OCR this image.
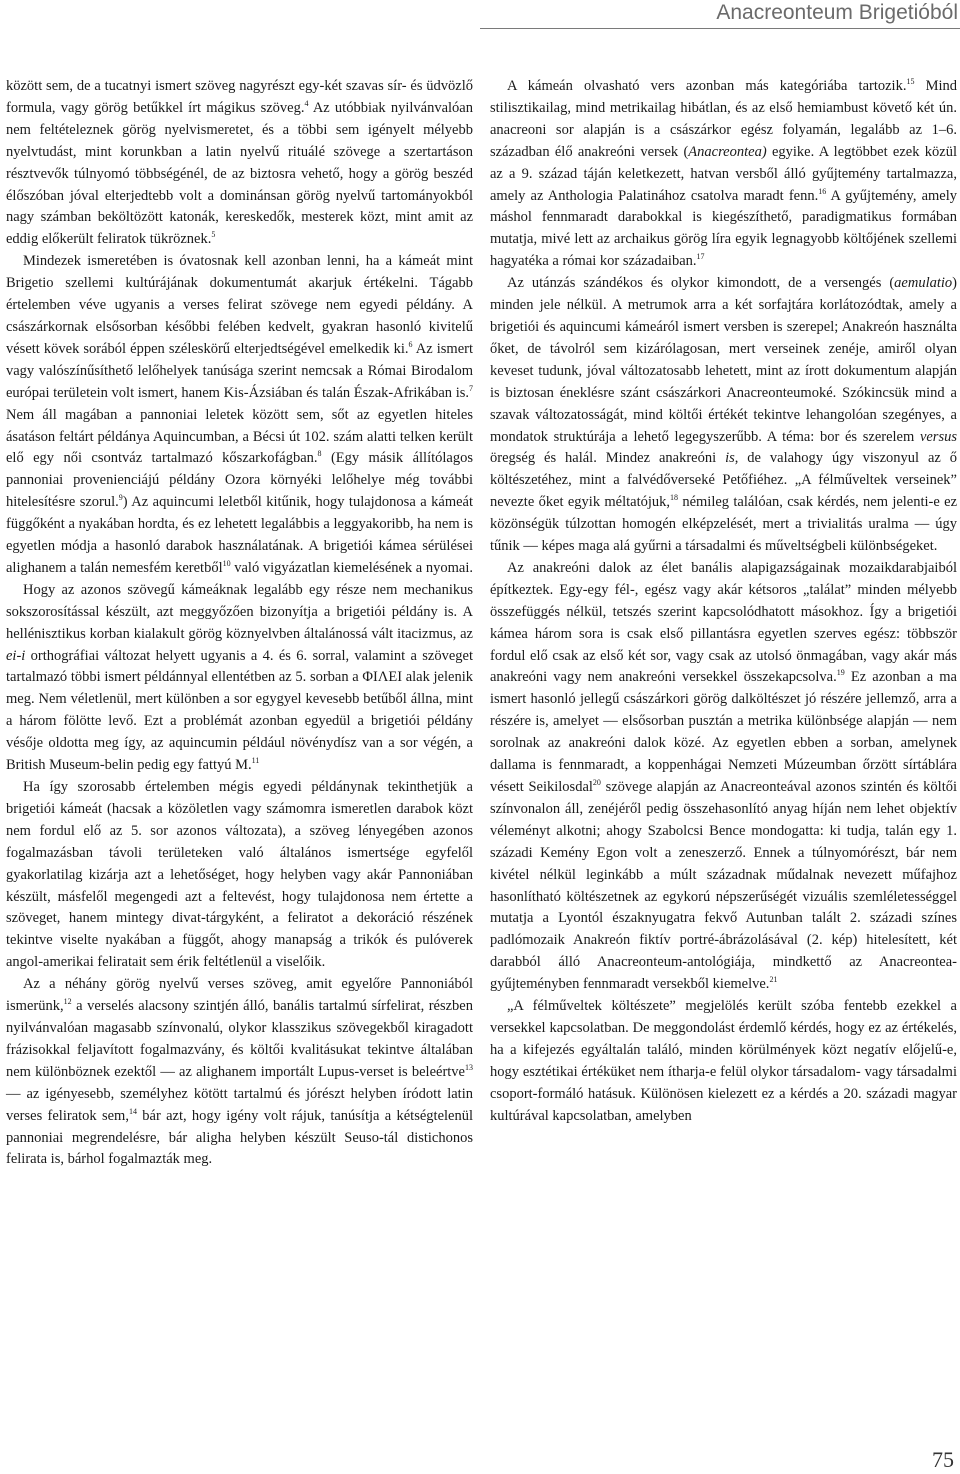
Anacreonteum Brigetióból

között sem, de a tucatnyi ismert szöveg nagyrészt egy-két szavas sír- és üdvözlő formula, vagy görög betűkkel írt mágikus szöveg.$^4$ Az utóbbiak nyilvánvalóan nem feltételeznek görög nyelvismeretet, és a többi sem igényelt mélyebb nyelvtudást, mint korunkban a latin nyelvű rituálé szövege a szertartáson résztvevők túlnyomó többségénél, de az biztosra vehető, hogy a görög beszéd élőszóban jóval elterjedtebb volt a dominánsan görög nyelvű tartományokból nagy számban beköltözött katonák, kereskedők, mesterek közt, mint amit az eddig előkerült feliratok tükröznek.$^5$

Mindezek ismeretében is óvatosnak kell azonban lenni, ha a kámeát mint Brigetio szellemi kultúrájának dokumentumát akarjuk értékelni. Tágabb értelemben véve ugyanis a verses felirat szövege nem egyedi példány. A császárkornak elsősorban későbbi felében kedvelt, gyakran hasonló kivitelű vésett kövek sorából éppen széleskörű elterjedtségével emelkedik ki.$^6$ Az ismert vagy valószínűsíthető lelőhelyek tanúsága szerint nemcsak a Római Birodalom európai területein volt ismert, hanem Kis-Ázsiában és talán Észak-Afrikában is.$^7$ Nem áll magában a pannoniai leletek között sem, sőt az egyetlen hiteles ásatáson feltárt példánya Aquincumban, a Bécsi út 102. szám alatti telken került elő egy női csontváz tartalmazó kőszarkofágban.$^8$ (Egy másik állítólagos pannoniai provenienciájú példány Ozora környéki lelőhelye még további hitelesítésre szorul.$^9$) Az aquincumi leletből kitűnik, hogy tulajdonosa a kámeát függőként a nyakában hordta, és ez lehetett legalábbis a leggyakoribb, ha nem is egyetlen módja a hasonló darabok használatának. A brigetiói kámea sérülései alighanem a talán nemesfém keretből$^{10}$ való vigyázatlan kiemelésének a nyomai.

Hogy az azonos szövegű kámeáknak legalább egy része nem mechanikus sokszorosítással készült, azt meggyőzően bizonyítja a brigetiói példány is. A hellénisztikus korban kialakult görög köznyelvben általánossá vált itacizmus, az ei-i orthográfiai változat helyett ugyanis a 4. és 6. sorral, valamint a szöveget tartalmazó többi ismert példánnyal ellentétben az 5. sorban a ΦΙΛΕΙ alak jelenik meg. Nem véletlenül, mert különben a sor egygyel kevesebb betűből állna, mint a három fölötte levő. Ezt a problémát azonban egyedül a brigetiói példány vésője oldotta meg így, az aquincumin például növénydísz van a sor végén, a British Museum-belin pedig egy fattyú M.$^{11}$

Ha így szorosabb értelemben mégis egyedi példánynak tekinthetjük a brigetiói kámeát (hacsak a közöletlen vagy számomra ismeretlen darabok közt nem fordul elő az 5. sor azonos változata), a szöveg lényegében azonos fogalmazásban távoli területeken való általános ismertsége egyfelől gyakorlatilag kizárja azt a lehetőséget, hogy helyben vagy akár Pannoniában készült, másfelől megengedi azt a feltevést, hogy tulajdonosa nem értette a szöveget, hanem mintegy divat-tárgyként, a feliratot a dekoráció részének tekintve viselte nyakában a függőt, ahogy manapság a trikók és pulóverek angol-amerikai feliratait sem érik feltétlenül a viselőik.

Az a néhány görög nyelvű verses szöveg, amit egyelőre Pannoniából ismerünk,$^{12}$ a verselés alacsony szintjén álló, banális tartalmú sírfelirat, részben nyilvánvalóan magasabb színvonalú, olykor klasszikus szövegekből kiragadott frázisokkal feljavított fogalmazvány, és költői kvalitásukat tekintve általában nem különböznek ezektől — az alighanem importált Lupus-verset is beleértve$^{13}$ — az igényesebb, személyhez kötött tartalmú és jórészt helyben íródott latin verses feliratok sem,$^{14}$ bár azt, hogy igény volt rájuk, tanúsítja a kétségtelenül pannoniai megrendelésre, bár aligha helyben készült Seuso-tál distichonos felirata is, bárhol fogalmazták meg.

A kámeán olvasható vers azonban más kategóriába tartozik.$^{15}$ Mind stilisztikailag, mind metrikailag hibátlan, és az első hemiambust követő két ún. anacreoni sor alapján is a császárkor egész folyamán, legalább az 1–6. században élő anakreóni versek (Anacreontea) egyike. A legtöbbet ezek közül az a 9. század táján keletkezett, hatvan versből álló gyűjtemény tartalmazza, amely az Anthologia Palatinához csatolva maradt fenn.$^{16}$ A gyűjtemény, amely máshol fennmaradt darabokkal is kiegészíthető, paradigmatikus formában mutatja, mivé lett az archaikus görög líra egyik legnagyobb költőjének szellemi hagyatéka a római kor századaiban.$^{17}$

Az utánzás szándékos és olykor kimondott, de a versengés (aemulatio) minden jele nélkül. A metrumok arra a két sorfajtára korlátozódtak, amely a brigetiói és aquincumi kámeáról ismert versben is szerepel; Anakreón használta őket, de távolról sem kizárólagosan, mert verseinek zenéje, amiről olyan keveset tudunk, jóval változatosabb lehetett, mint az írott dokumentum alapján is biztosan éneklésre szánt császárkori Anacreonteumoké. Szókincsük mind a szavak változatosságát, mind költői értékét tekintve lehangolóan szegényes, a mondatok struktúrája a lehető legegyszerűbb. A téma: bor és szerelem versus öregség és halál. Mindez anakreóni is, de valahogy úgy viszonyul az ő költészetéhez, mint a falvédőverseké Petőfiéhez. „A félműveltek verseinek” nevezte őket egyik méltatójuk,$^{18}$ némileg találóan, csak kérdés, nem jelenti-e ez közönségük túlzottan homogén elképzelését, mert a trivialitás uralma — úgy tűnik — képes maga alá gyűrni a társadalmi és műveltségbeli különbségeket.

Az anakreóni dalok az élet banális alapigazságainak mozaikdarabjaiból építkeztek. Egy-egy fél-, egész vagy akár kétsoros „találat” minden mélyebb összefüggés nélkül, tetszés szerint kapcsolódhatott másokhoz. Így a brigetiói kámea három sora is csak első pillantásra egyetlen szerves egész: többször fordul elő csak az első két sor, vagy csak az utolsó önmagában, vagy akár más anakreóni vagy nem anakreóni versekkel összekapcsolva.$^{19}$ Ez azonban a ma ismert hasonló jellegű császárkori görög dalköltészet jó részére jellemző, arra a részére is, amelyet — elsősorban pusztán a metrika különbsége alapján — nem sorolnak az anakreóni dalok közé. Az egyetlen ebben a sorban, amelynek dallama is fennmaradt, a koppenhágai Nemzeti Múzeumban őrzött sírtáblára vésett Seikilosdal$^{20}$ szövege alapján az Anacreonteával azonos szintén és költői színvonalon áll, zenéjéről pedig összehasonlító anyag híján nem lehet objektív véleményt alkotni; ahogy Szabolcsi Bence mondogatta: ki tudja, talán egy 1. századi Kemény Egon volt a zeneszerző. Ennek a túlnyomórészt, bár nem kivétel nélkül leginkább a múlt századnak műdalnak nevezett műfajhoz hasonlítható költészetnek az egykorú népszerűségét vizuális szemléletességgel mutatja a Lyontól északnyugatra fekvő Autunban talált 2. századi színes padlómozaik Anakreón fiktív portré-ábrázolásával (2. kép) hitelesített, két darabból álló Anacreonteum-antológiája, mindkettő az Anacreontea-gyűjteményben fennmaradt versekből kiemelve.$^{21}$

„A félműveltek költészete” megjelölés került szóba fentebb ezekkel a versekkel kapcsolatban. De meggondolást érdemlő kérdés, hogy ez az értékelés, ha a kifejezés egyáltalán találó, minden körülmények közt negatív előjelű-e, hogy esztétikai értéküket nem ítharja-e felül olykor társadalom- vagy társadalmi csoport-formáló hatásuk. Különösen kielezett ez a kérdés a 20. századi magyar kultúrával kapcsolatban, amelyben

75
